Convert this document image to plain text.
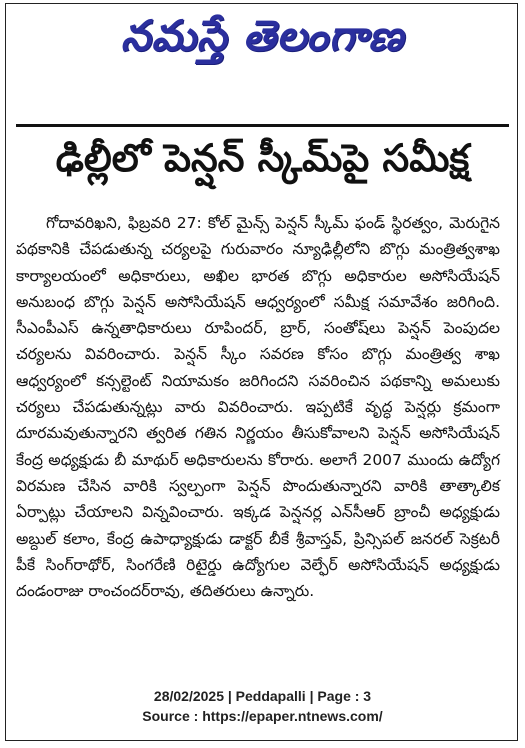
నమస్తే తెలంగాణ
ఢిల్లీలో పెన్షన్ స్కీమ్‌పై సమీక్ష

గోదావరిఖని, ఫిబ్రవరి 27: కోల్ మైన్స్ పెన్షన్ స్కీమ్ ఫండ్ స్థిరత్వం, మెరుగైన పథకానికి చేపడుతున్న చర్యలపై గురువారం న్యూఢిల్లీలోని బొగ్గు మంత్రిత్వశాఖ కార్యాలయంలో అధికారులు, అఖిల భారత బొగ్గు అధికారుల అసోసియేషన్ అనుబంధ బొగ్గు పెన్షన్ అసోసియేషన్ ఆధ్వర్యంలో సమీక్ష సమావేశం జరిగింది. సీఎంపీఎస్ ఉన్నతాధికారులు రూపిందర్, బ్రార్, సంతోష్‌లు పెన్షన్ పెంపుదల చర్యలను వివరించారు. పెన్షన్ స్కీం సవరణ కోసం బొగ్గు మంత్రిత్వ శాఖ ఆధ్వర్యంలో కన్సల్టెంట్ నియామకం జరిగిందని సవరించిన పథకాన్ని అమలుకు చర్యలు చేపడుతున్నట్లు వారు వివరించారు. ఇప్పటికే వృద్ధ పెన్షర్లు క్రమంగా దూరమవుతున్నారని త్వరిత గతిన నిర్ణయం తీసుకోవాలని పెన్షన్ అసోసియేషన్ కేంద్ర అధ్యక్షుడు బీ మాథుర్ అధికారులను కోరారు. అలాగే 2007 ముందు ఉద్యోగ విరమణ చేసిన వారికి స్వల్పంగా పెన్షన్ పొందుతున్నారని వారికి తాత్కాలిక ఏర్పాట్లు చేయాలని విన్నవించారు. ఇక్కడ పెన్షనర్ల ఎన్‌సీఆర్ బ్రాంచీ అధ్యక్షుడు అబ్దుల్ కలాం, కేంద్ర ఉపాధ్యాక్షుడు డాక్టర్ బీకే శ్రీవాస్తవ్, ప్రిన్సిపల్ జనరల్ సెక్రటరీ పీకే సింగ్‌రాథోర్, సింగరేణి రిటైర్డు ఉద్యోగుల వెల్ఫేర్ అసోసియేషన్ అధ్యక్షుడు దండంరాజు రాంచందర్‌రావు, తదితరులు ఉన్నారు.

28/02/2025 | Peddapalli | Page : 3
Source : https://epaper.ntnews.com/
